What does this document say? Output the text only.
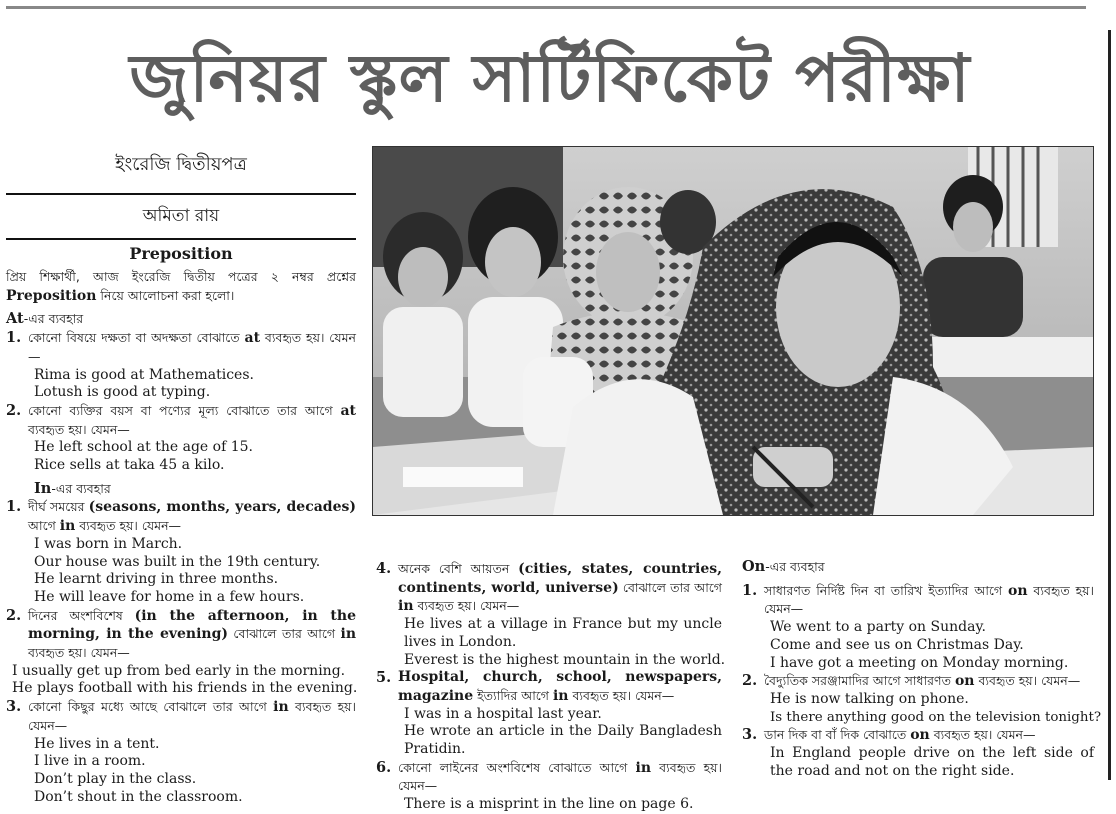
জুনিয়র স্কুল সার্টিফিকেট পরীক্ষা
ইংরেজি দ্বিতীয়পত্র
অমিতা রায়
Preposition

প্রিয় শিক্ষার্থী, আজ ইংরেজি দ্বিতীয় পত্রের ২ নম্বর প্রশ্নের Preposition নিয়ে আলোচনা করা হলো।

At-এর ব্যবহার

1. কোনো বিষয়ে দক্ষতা বা অদক্ষতা বোঝাতে at ব্যবহৃত হয়। যেমন—

Rima is good at Mathematices.

Lotush is good at typing.

2. কোনো ব্যক্তির বয়স বা পণ্যের মূল্য বোঝাতে তার আগে at ব্যবহৃত হয়। যেমন—

He left school at the age of 15.

Rice sells at taka 45 a kilo.

In-এর ব্যবহার

1. দীর্ঘ সময়ের (seasons, months, years, decades) আগে in ব্যবহৃত হয়। যেমন—

I was born in March.

Our house was built in the 19th century.

He learnt driving in three months.

He will leave for home in a few hours.

2. দিনের অংশবিশেষ (in the afternoon, in the morning, in the evening) বোঝালে তার আগে in ব্যবহৃত হয়। যেমন—

I usually get up from bed early in the morning.

He plays football with his friends in the evening.

3. কোনো কিছুর মধ্যে আছে বোঝালে তার আগে in ব্যবহৃত হয়। যেমন—

He lives in a tent.

I live in a room.

Don’t play in the class.

Don’t shout in the classroom.

4. অনেক বেশি আয়তন (cities, states, countries, continents, world, universe) বোঝালে তার আগে in ব্যবহৃত হয়। যেমন—

He lives at a village in France but my uncle lives in London.

Everest is the highest mountain in the world.

5. Hospital, church, school, newspapers, magazine ইত্যাদির আগে in ব্যবহৃত হয়। যেমন—

I was in a hospital last year.

He wrote an article in the Daily Bangladesh Pratidin.

6. কোনো লাইনের অংশবিশেষ বোঝাতে আগে in ব্যবহৃত হয়। যেমন—

There is a misprint in the line on page 6.

On-এর ব্যবহার

1. সাধারণত নির্দিষ্ট দিন বা তারিখ ইত্যাদির আগে on ব্যবহৃত হয়। যেমন—

We went to a party on Sunday.

Come and see us on Christmas Day.

I have got a meeting on Monday morning.

2. বৈদ্যুতিক সরঞ্জামাদির আগে সাধারণত on ব্যবহৃত হয়। যেমন—

He is now talking on phone.

Is there anything good on the television tonight?

3. ডান দিক বা বাঁ দিক বোঝাতে on ব্যবহৃত হয়। যেমন—

In England people drive on the left side of the road and not on the right side.
